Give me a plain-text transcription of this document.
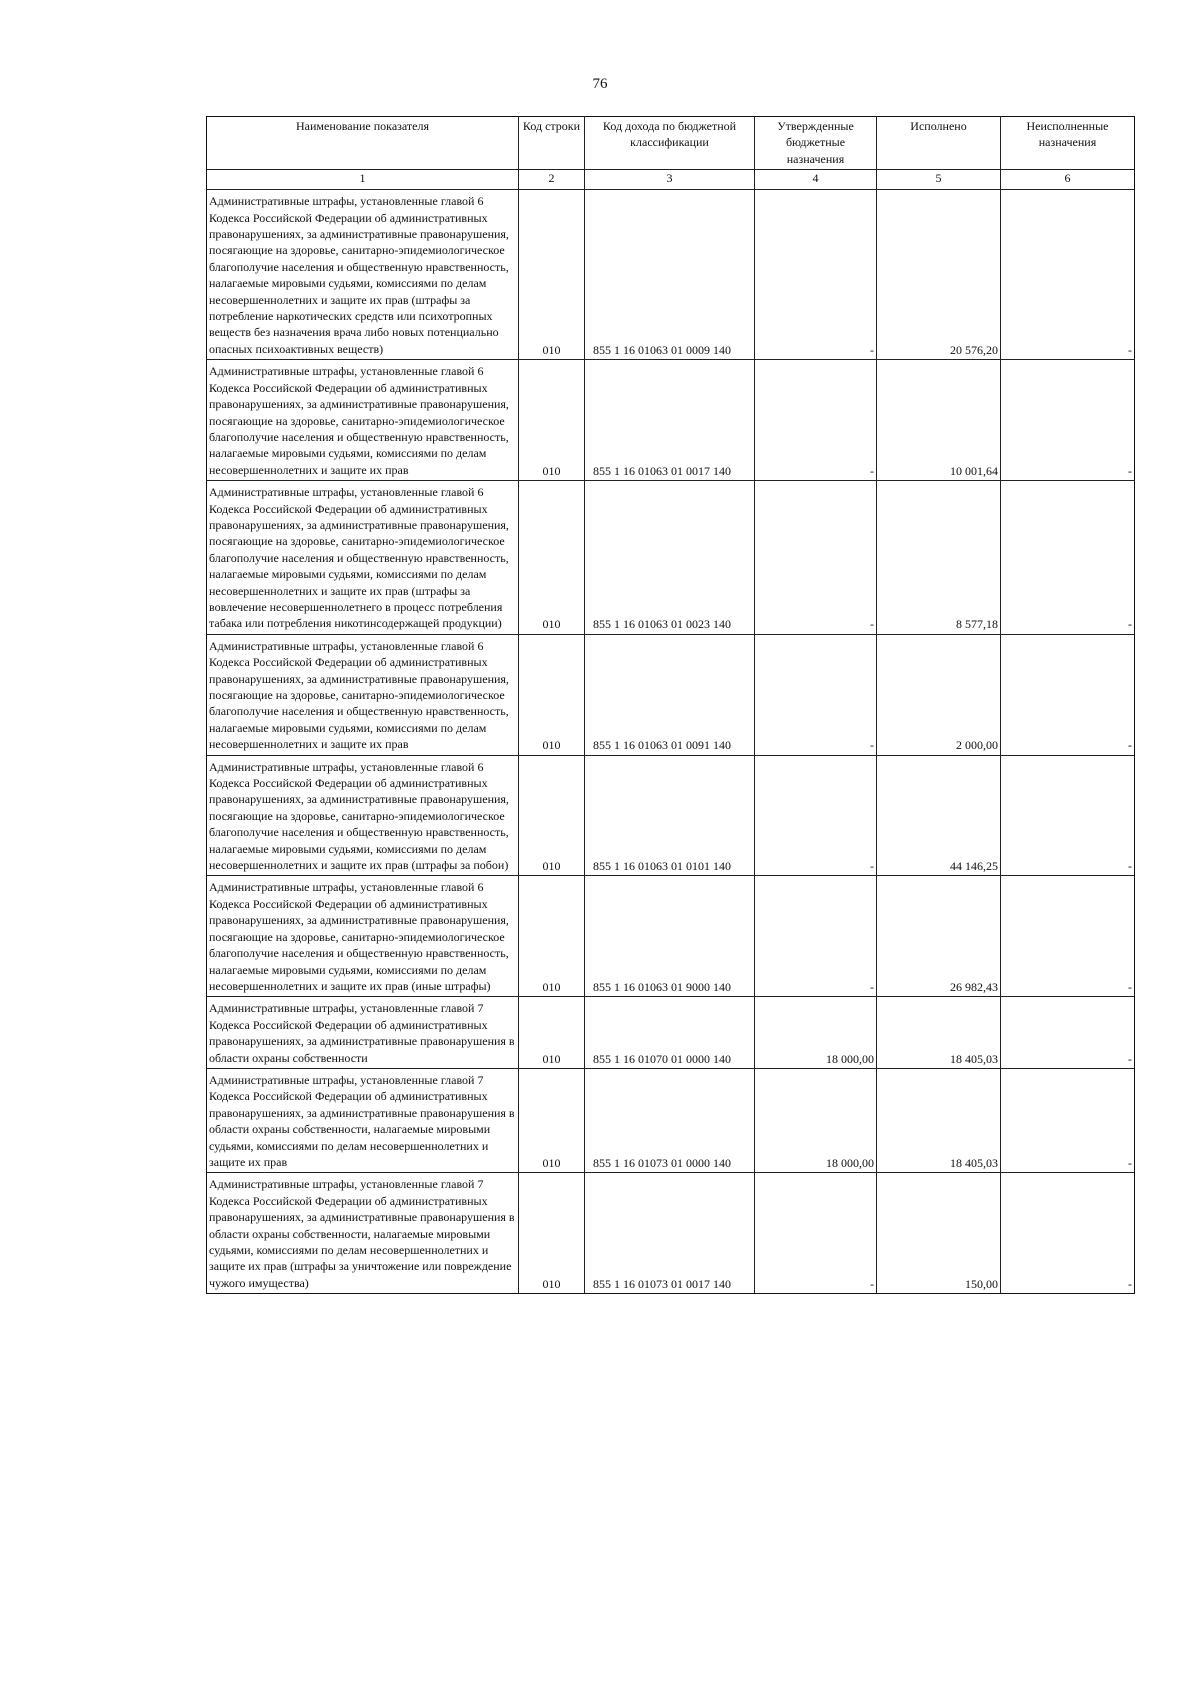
76
Наименование показателя	Код строки	Код дохода по бюджетной классификации	Утвержденные бюджетные назначения	Исполнено	Неисполненные назначения
1	2	3	4	5	6
Административные штрафы, установленные главой 6 Кодекса Российской Федерации об административных правонарушениях, за административные правонарушения, посягающие на здоровье, санитарно-эпидемиологическое благополучие населения и общественную нравственность, налагаемые мировыми судьями, комиссиями по делам несовершеннолетних и защите их прав (штрафы за потребление наркотических средств или психотропных веществ без назначения врача либо новых потенциально опасных психоактивных веществ)	010	855 1 16 01063 01 0009 140	-	20 576,20	-
Административные штрафы, установленные главой 6 Кодекса Российской Федерации об административных правонарушениях, за административные правонарушения, посягающие на здоровье, санитарно-эпидемиологическое благополучие населения и общественную нравственность, налагаемые мировыми судьями, комиссиями по делам несовершеннолетних и защите их прав	010	855 1 16 01063 01 0017 140	-	10 001,64	-
Административные штрафы, установленные главой 6 Кодекса Российской Федерации об административных правонарушениях, за административные правонарушения, посягающие на здоровье, санитарно-эпидемиологическое благополучие населения и общественную нравственность, налагаемые мировыми судьями, комиссиями по делам несовершеннолетних и защите их прав (штрафы за вовлечение несовершеннолетнего в процесс потребления табака или потребления никотинсодержащей продукции)	010	855 1 16 01063 01 0023 140	-	8 577,18	-
Административные штрафы, установленные главой 6 Кодекса Российской Федерации об административных правонарушениях, за административные правонарушения, посягающие на здоровье, санитарно-эпидемиологическое благополучие населения и общественную нравственность, налагаемые мировыми судьями, комиссиями по делам несовершеннолетних и защите их прав	010	855 1 16 01063 01 0091 140	-	2 000,00	-
Административные штрафы, установленные главой 6 Кодекса Российской Федерации об административных правонарушениях, за административные правонарушения, посягающие на здоровье, санитарно-эпидемиологическое благополучие населения и общественную нравственность, налагаемые мировыми судьями, комиссиями по делам несовершеннолетних и защите их прав (штрафы за побои)	010	855 1 16 01063 01 0101 140	-	44 146,25	-
Административные штрафы, установленные главой 6 Кодекса Российской Федерации об административных правонарушениях, за административные правонарушения, посягающие на здоровье, санитарно-эпидемиологическое благополучие населения и общественную нравственность, налагаемые мировыми судьями, комиссиями по делам несовершеннолетних и защите их прав (иные штрафы)	010	855 1 16 01063 01 9000 140	-	26 982,43	-
Административные штрафы, установленные главой 7 Кодекса Российской Федерации об административных правонарушениях, за административные правонарушения в области охраны собственности	010	855 1 16 01070 01 0000 140	18 000,00	18 405,03	-
Административные штрафы, установленные главой 7 Кодекса Российской Федерации об административных правонарушениях, за административные правонарушения в области охраны собственности, налагаемые мировыми судьями, комиссиями по делам несовершеннолетних и защите их прав	010	855 1 16 01073 01 0000 140	18 000,00	18 405,03	-
Административные штрафы, установленные главой 7 Кодекса Российской Федерации об административных правонарушениях, за административные правонарушения в области охраны собственности, налагаемые мировыми судьями, комиссиями по делам несовершеннолетних и защите их прав (штрафы за уничтожение или повреждение чужого имущества)	010	855 1 16 01073 01 0017 140	-	150,00	-
